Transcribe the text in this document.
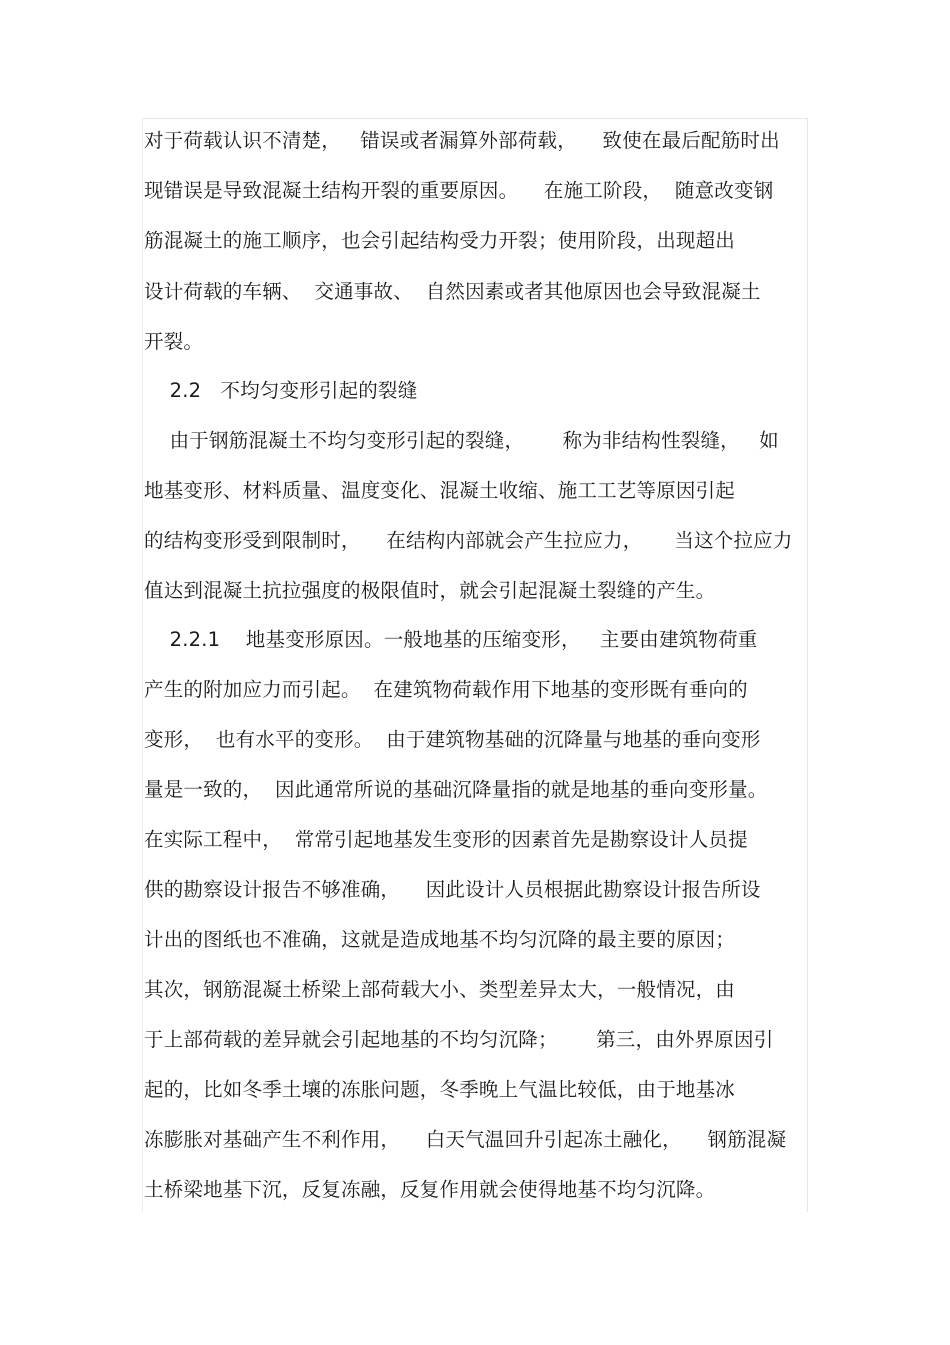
对于荷载认识不清楚，   错误或者漏算外部荷载，    致使在最后配筋时出
现错误是导致混凝土结构开裂的重要原因。    在施工阶段，  随意改变钢
筋混凝土的施工顺序，也会引起结构受力开裂；使用阶段，出现超出
设计荷载的车辆、  交通事故、  自然因素或者其他原因也会导致混凝土
开裂。
2.2   不均匀变形引起的裂缝
由于钢筋混凝土不均匀变形引起的裂缝，      称为非结构性裂缝，   如
地基变形、材料质量、温度变化、混凝土收缩、施工工艺等原因引起
的结构变形受到限制时，    在结构内部就会产生拉应力，     当这个拉应力
值达到混凝土抗拉强度的极限值时，就会引起混凝土裂缝的产生。
2.2.1    地基变形原因。一般地基的压缩变形，   主要由建筑物荷重
产生的附加应力而引起。  在建筑物荷载作用下地基的变形既有垂向的
变形，  也有水平的变形。  由于建筑物基础的沉降量与地基的垂向变形
量是一致的，  因此通常所说的基础沉降量指的就是地基的垂向变形量。
在实际工程中，  常常引起地基发生变形的因素首先是勘察设计人员提
供的勘察设计报告不够准确，    因此设计人员根据此勘察设计报告所设
计出的图纸也不准确，这就是造成地基不均匀沉降的最主要的原因；
其次，钢筋混凝土桥梁上部荷载大小、类型差异太大，一般情况，由
于上部荷载的差异就会引起地基的不均匀沉降；      第三，由外界原因引
起的，比如冬季土壤的冻胀问题，冬季晚上气温比较低，由于地基冰
冻膨胀对基础产生不利作用，    白天气温回升引起冻土融化，    钢筋混凝
土桥梁地基下沉，反复冻融，反复作用就会使得地基不均匀沉降。
